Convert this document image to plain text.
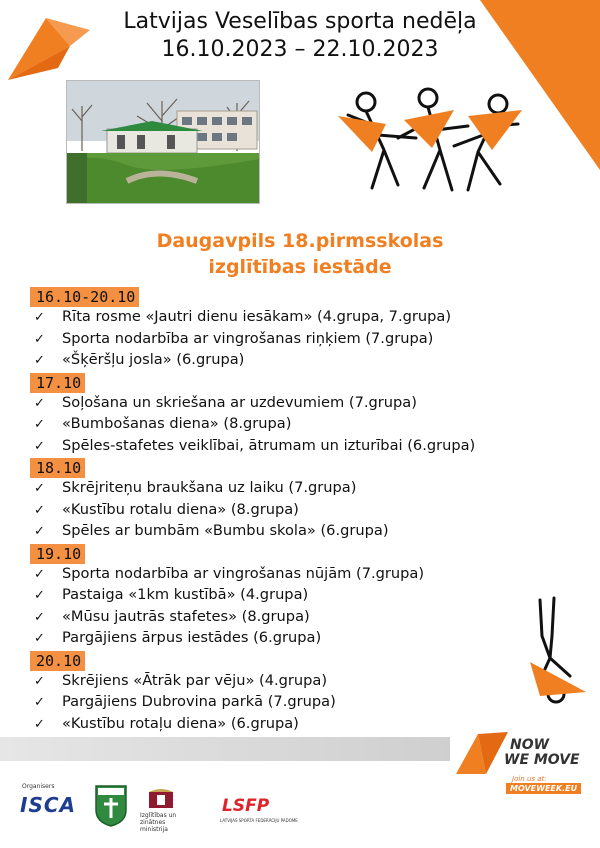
Latvijas Veselības sporta nedēļa
16.10.2023 – 22.10.2023
Daugavpils 18.pirmsskolas
izglītības iestāde
16.10-20.10
✓ Rīta rosme «Jautri dienu iesākam» (4.grupa, 7.grupa)
✓ Sporta nodarbība ar vingrošanas riņķiem (7.grupa)
✓ «Šķēršļu josla» (6.grupa)
17.10
✓ Soļošana un skriešana ar uzdevumiem (7.grupa)
✓ «Bumbošanas diena» (8.grupa)
✓ Spēles-stafetes veiklībai, ātrumam un izturībai (6.grupa)
18.10
✓ Skrējriteņu braukšana uz laiku (7.grupa)
✓ «Kustību rotalu diena» (8.grupa)
✓ Spēles ar bumbām «Bumbu skola» (6.grupa)
19.10
✓ Sporta nodarbība ar vingrošanas nūjām (7.grupa)
✓ Pastaiga «1km kustībā» (4.grupa)
✓ «Mūsu jautrās stafetes» (8.grupa)
✓ Pargājiens ārpus iestādes (6.grupa)
20.10
✓ Skrējiens «Ātrāk par vēju» (4.grupa)
✓ Pargājiens Dubrovina parkā (7.grupa)
✓ «Kustību rotaļu diena» (6.grupa)
NOW
WE MOVE
Join us at:
MOVEWEEK.EU
Organisers
ISCA	Izglītības un zinātnes ministrija
LSFP
LATVIJAS SPORTA FEDERĀCIJU PADOME
